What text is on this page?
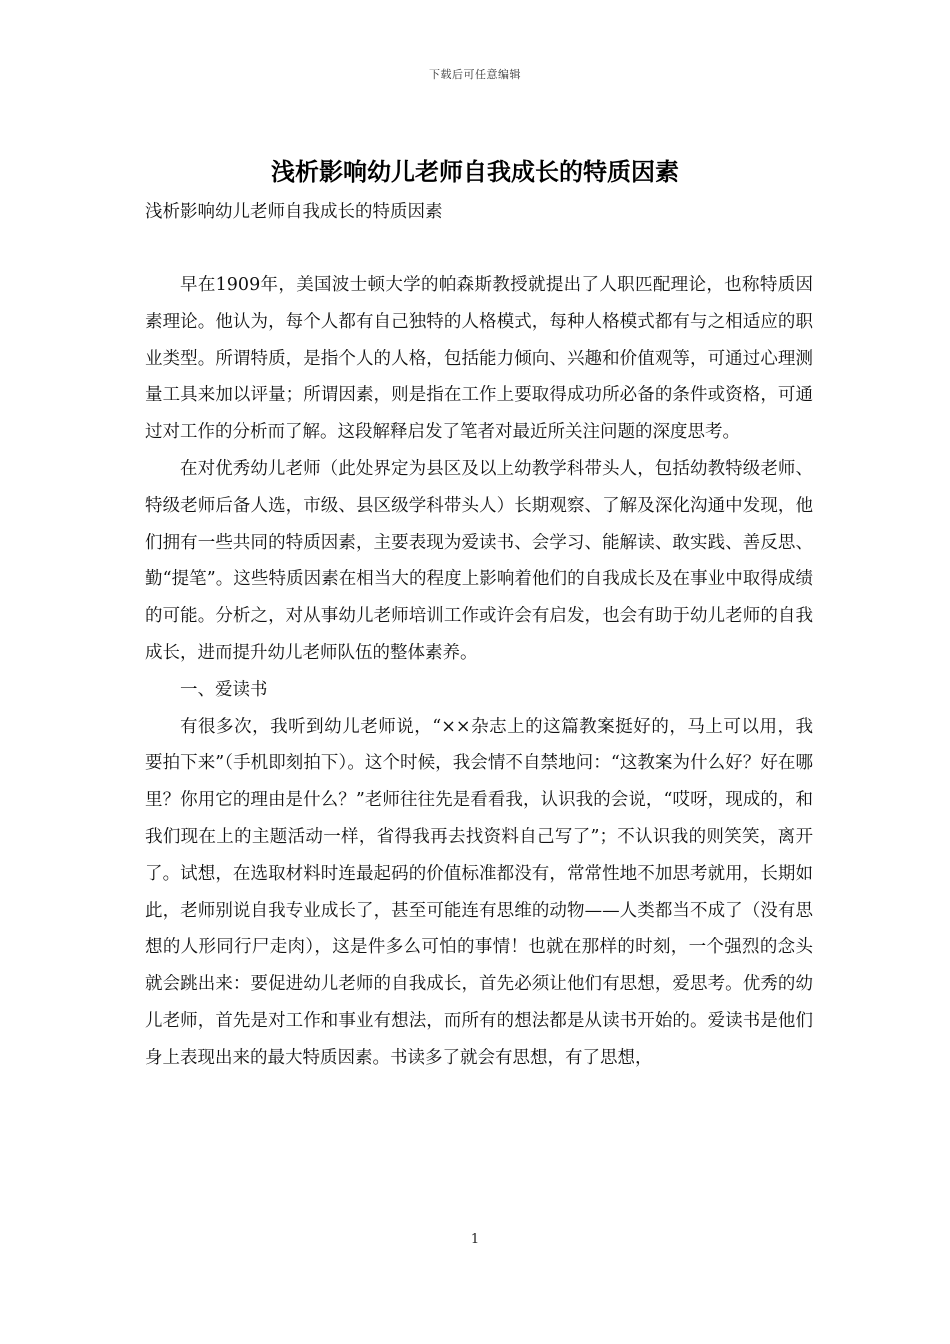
下载后可任意编辑
浅析影响幼儿老师自我成长的特质因素
浅析影响幼儿老师自我成长的特质因素

早在1909年，美国波士顿大学的帕森斯教授就提出了人职匹配理论，也称特质因素理论。他认为，每个人都有自己独特的人格模式，每种人格模式都有与之相适应的职业类型。所谓特质，是指个人的人格，包括能力倾向、兴趣和价值观等，可通过心理测量工具来加以评量；所谓因素，则是指在工作上要取得成功所必备的条件或资格，可通过对工作的分析而了解。这段解释启发了笔者对最近所关注问题的深度思考。

在对优秀幼儿老师（此处界定为县区及以上幼教学科带头人，包括幼教特级老师、特级老师后备人选，市级、县区级学科带头人）长期观察、了解及深化沟通中发现，他们拥有一些共同的特质因素，主要表现为爱读书、会学习、能解读、敢实践、善反思、勤“提笔”。这些特质因素在相当大的程度上影响着他们的自我成长及在事业中取得成绩的可能。分析之，对从事幼儿老师培训工作或许会有启发，也会有助于幼儿老师的自我成长，进而提升幼儿老师队伍的整体素养。

一、爱读书

有很多次，我听到幼儿老师说，“××杂志上的这篇教案挺好的，马上可以用，我要拍下来”（手机即刻拍下）。这个时候，我会情不自禁地问：“这教案为什么好？好在哪里？你用它的理由是什么？”老师往往先是看看我，认识我的会说，“哎呀，现成的，和我们现在上的主题活动一样，省得我再去找资料自己写了”；不认识我的则笑笑，离开了。试想，在选取材料时连最起码的价值标准都没有，常常性地不加思考就用，长期如此，老师别说自我专业成长了，甚至可能连有思维的动物——人类都当不成了（没有思想的人形同行尸走肉），这是件多么可怕的事情！也就在那样的时刻，一个强烈的念头就会跳出来：要促进幼儿老师的自我成长，首先必须让他们有思想，爱思考。优秀的幼儿老师，首先是对工作和事业有想法，而所有的想法都是从读书开始的。爱读书是他们身上表现出来的最大特质因素。书读多了就会有思想，有了思想，

1
